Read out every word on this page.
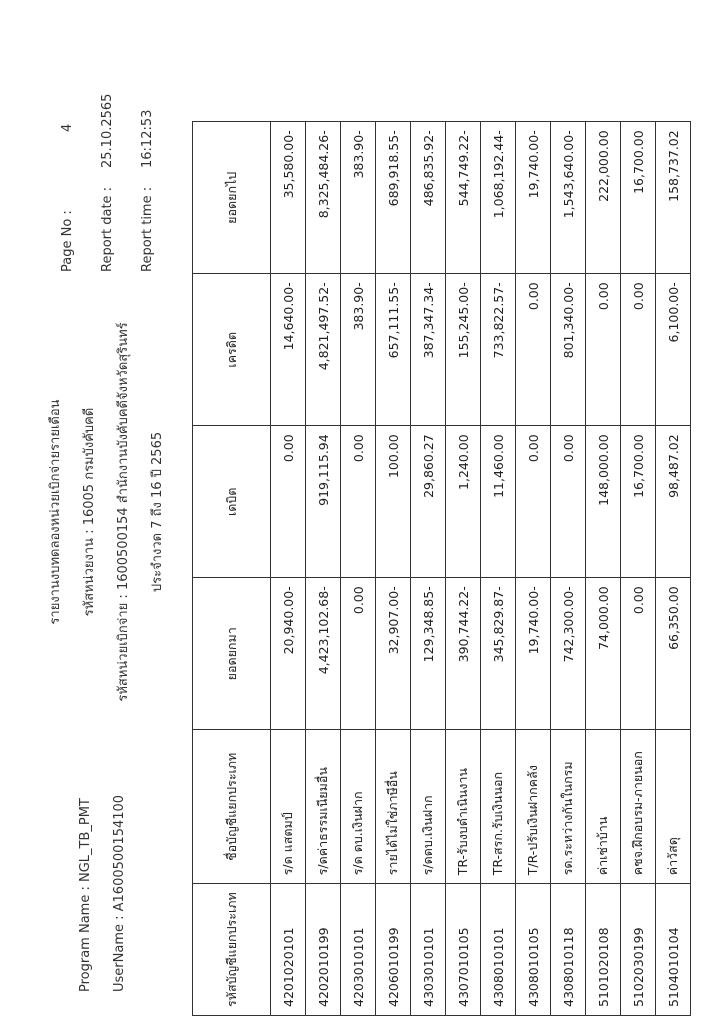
รายงานงบทดลองหน่วยเบิกจ่ายรายเดือน	รหัสหน่วยงาน : 16005 กรมบังคับคดี	รหัสหน่วยเบิกจ่าย : 1600500154 สำนักงานบังคับคดีจังหวัดสุรินทร์	ประจำงวด 7 ถึง 16 ปี 2565
Program Name : NGL_TB_PMT UserName : A1600500154100
Page No :
4
Report date :
25.10.2565
Report time :
16:12:53
รหัสบัญชีแยกประเภท	ชื่อบัญชีแยกประเภท	ยอดยกมา	เดบิต	เครดิต	ยอดยกไป
4201020101	ร/ด แสตมป์	20,940.00-	0.00	14,640.00-	35,580.00-
4202010199	ร/ดค่าธรรมเนียมอื่น	4,423,102.68-	919,115.94	4,821,497.52-	8,325,484.26-
4203010101	ร/ด ดบ.เงินฝาก	0.00	0.00	383.90-	383.90-
4206010199	รายได้ไม่ใช่ภาษีอื่น	32,907.00-	100.00	657,111.55-	689,918.55-
4303010101	ร/ดดบ.เงินฝาก	129,348.85-	29,860.27	387,347.34-	486,835.92-
4307010105	TR-รับงบดำเนินงาน	390,744.22-	1,240.00	155,245.00-	544,749.22-
4308010101	TR-สรก.รับเงินนอก	345,829.87-	11,460.00	733,822.57-	1,068,192.44-
4308010105	T/R-ปรับเงินฝากคลัง	19,740.00-	0.00	0.00	19,740.00-
4308010118	รด.ระหว่างกันในกรม	742,300.00-	0.00	801,340.00-	1,543,640.00-
5101020108	ค่าเช่าบ้าน	74,000.00	148,000.00	0.00	222,000.00
5102030199	คชจ.ฝึกอบรม-ภายนอก	0.00	16,700.00	0.00	16,700.00
5104010104	ค่าวัสดุ	66,350.00	98,487.02	6,100.00-	158,737.02
